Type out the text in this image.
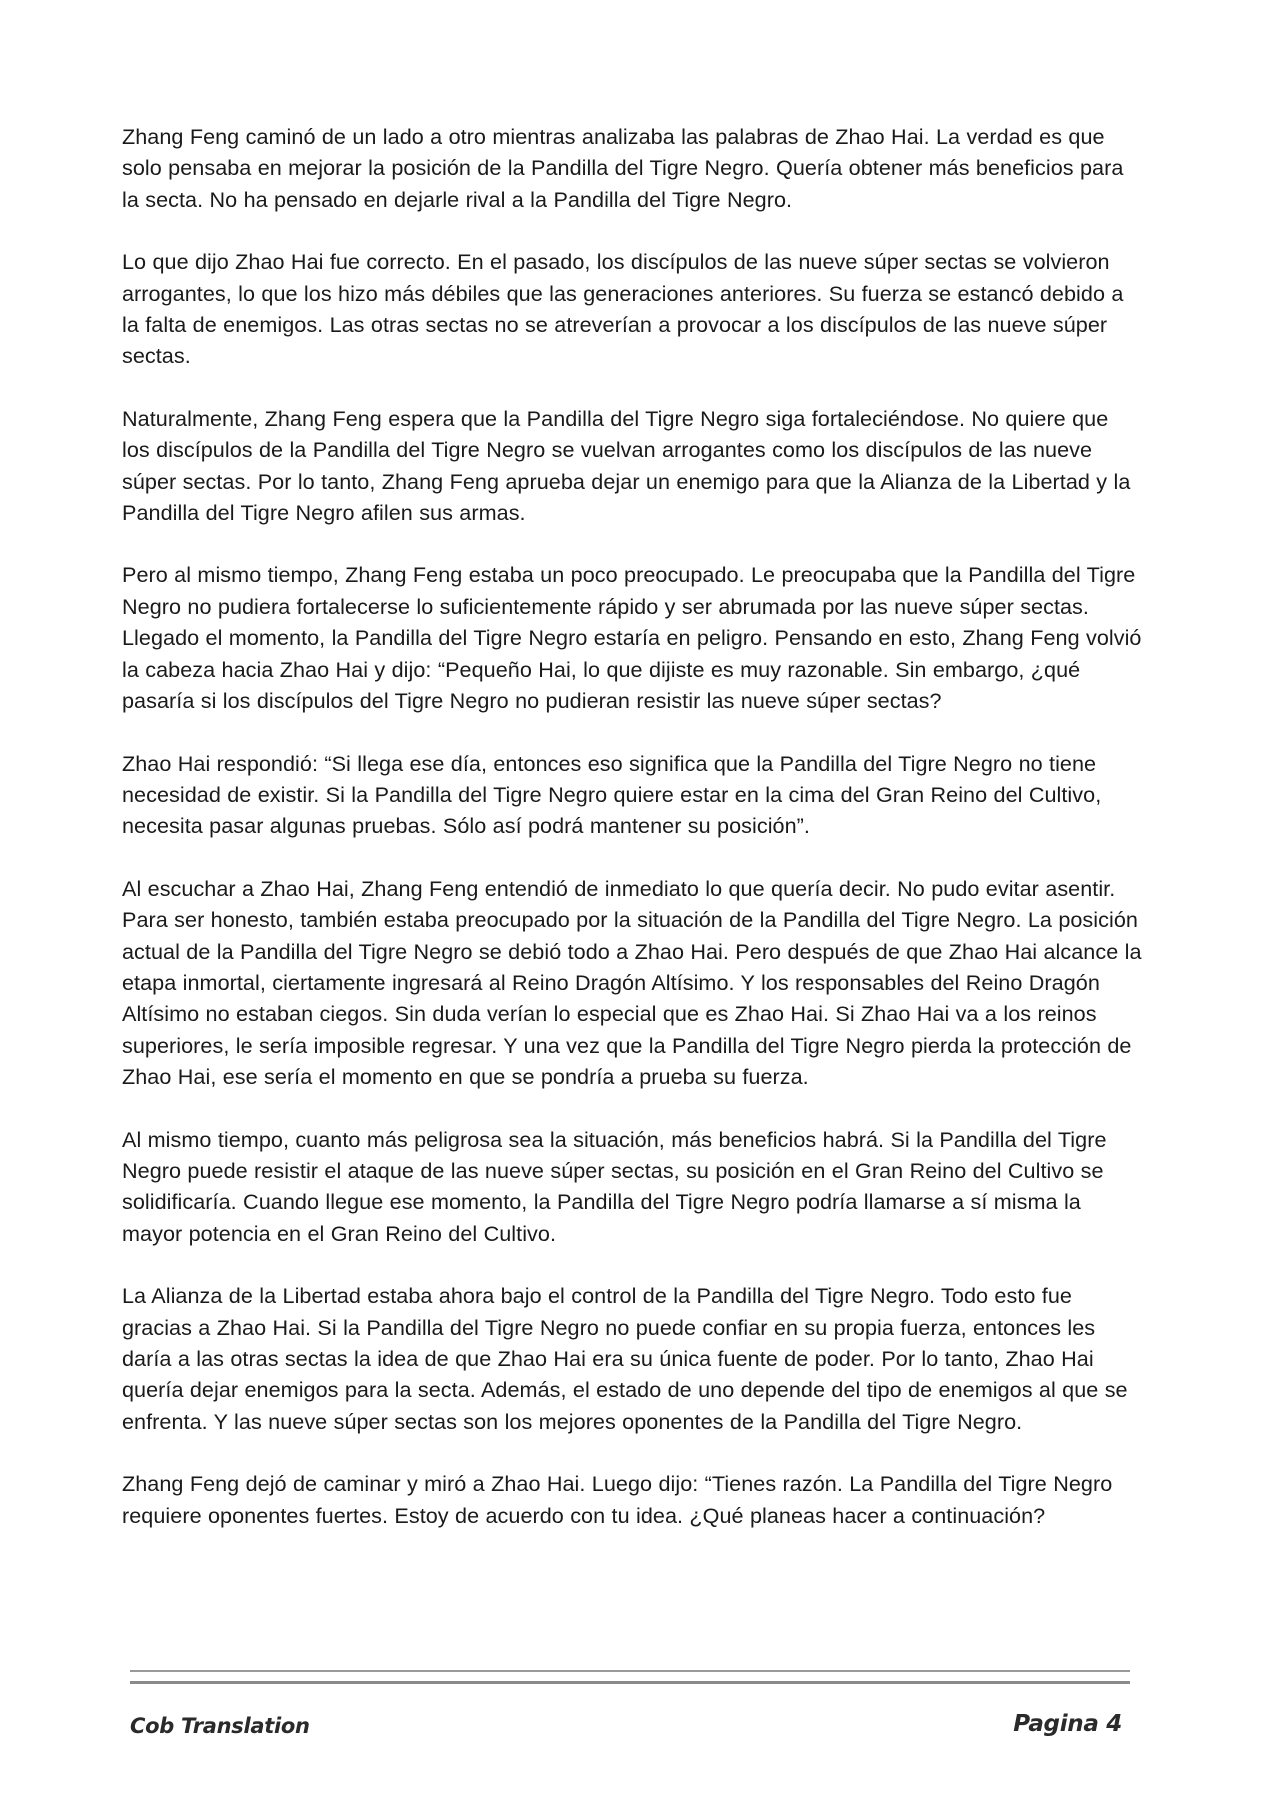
Zhang Feng caminó de un lado a otro mientras analizaba las palabras de Zhao Hai. La verdad es que solo pensaba en mejorar la posición de la Pandilla del Tigre Negro. Quería obtener más beneficios para la secta. No ha pensado en dejarle rival a la Pandilla del Tigre Negro.

Lo que dijo Zhao Hai fue correcto. En el pasado, los discípulos de las nueve súper sectas se volvieron arrogantes, lo que los hizo más débiles que las generaciones anteriores. Su fuerza se estancó debido a la falta de enemigos. Las otras sectas no se atreverían a provocar a los discípulos de las nueve súper sectas.

Naturalmente, Zhang Feng espera que la Pandilla del Tigre Negro siga fortaleciéndose. No quiere que los discípulos de la Pandilla del Tigre Negro se vuelvan arrogantes como los discípulos de las nueve súper sectas. Por lo tanto, Zhang Feng aprueba dejar un enemigo para que la Alianza de la Libertad y la Pandilla del Tigre Negro afilen sus armas.

Pero al mismo tiempo, Zhang Feng estaba un poco preocupado. Le preocupaba que la Pandilla del Tigre Negro no pudiera fortalecerse lo suficientemente rápido y ser abrumada por las nueve súper sectas. Llegado el momento, la Pandilla del Tigre Negro estaría en peligro. Pensando en esto, Zhang Feng volvió la cabeza hacia Zhao Hai y dijo: “Pequeño Hai, lo que dijiste es muy razonable. Sin embargo, ¿qué pasaría si los discípulos del Tigre Negro no pudieran resistir las nueve súper sectas?

Zhao Hai respondió: “Si llega ese día, entonces eso significa que la Pandilla del Tigre Negro no tiene necesidad de existir. Si la Pandilla del Tigre Negro quiere estar en la cima del Gran Reino del Cultivo, necesita pasar algunas pruebas. Sólo así podrá mantener su posición”.

Al escuchar a Zhao Hai, Zhang Feng entendió de inmediato lo que quería decir. No pudo evitar asentir. Para ser honesto, también estaba preocupado por la situación de la Pandilla del Tigre Negro. La posición actual de la Pandilla del Tigre Negro se debió todo a Zhao Hai. Pero después de que Zhao Hai alcance la etapa inmortal, ciertamente ingresará al Reino Dragón Altísimo. Y los responsables del Reino Dragón Altísimo no estaban ciegos. Sin duda verían lo especial que es Zhao Hai. Si Zhao Hai va a los reinos superiores, le sería imposible regresar. Y una vez que la Pandilla del Tigre Negro pierda la protección de Zhao Hai, ese sería el momento en que se pondría a prueba su fuerza.

Al mismo tiempo, cuanto más peligrosa sea la situación, más beneficios habrá. Si la Pandilla del Tigre Negro puede resistir el ataque de las nueve súper sectas, su posición en el Gran Reino del Cultivo se solidificaría. Cuando llegue ese momento, la Pandilla del Tigre Negro podría llamarse a sí misma la mayor potencia en el Gran Reino del Cultivo.

La Alianza de la Libertad estaba ahora bajo el control de la Pandilla del Tigre Negro. Todo esto fue gracias a Zhao Hai. Si la Pandilla del Tigre Negro no puede confiar en su propia fuerza, entonces les daría a las otras sectas la idea de que Zhao Hai era su única fuente de poder. Por lo tanto, Zhao Hai quería dejar enemigos para la secta. Además, el estado de uno depende del tipo de enemigos al que se enfrenta. Y las nueve súper sectas son los mejores oponentes de la Pandilla del Tigre Negro.

Zhang Feng dejó de caminar y miró a Zhao Hai. Luego dijo: “Tienes razón. La Pandilla del Tigre Negro requiere oponentes fuertes. Estoy de acuerdo con tu idea. ¿Qué planeas hacer a continuación?

Cob Translation	Pagina 4
